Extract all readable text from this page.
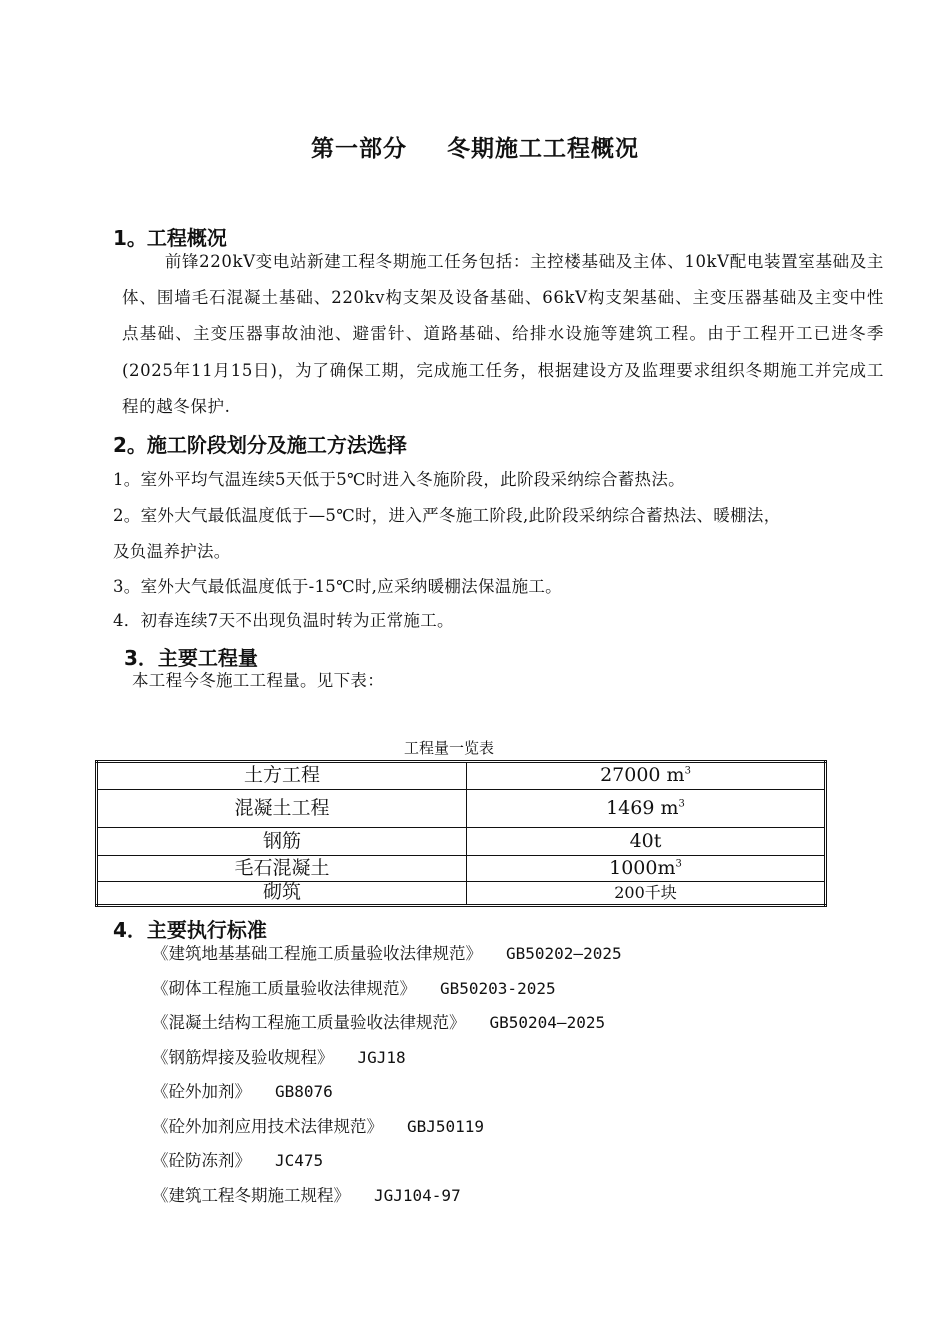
第一部分 冬期施工工程概况
1。工程概况
前锋220kV变电站新建工程冬期施工任务包括：主控楼基础及主体、10kV配电装置室基础及主体、围墙毛石混凝土基础、220kv构支架及设备基础、66kV构支架基础、主变压器基础及主变中性点基础、主变压器事故油池、避雷针、道路基础、给排水设施等建筑工程。由于工程开工已进冬季(2025年11月15日)，为了确保工期，完成施工任务，根据建设方及监理要求组织冬期施工并完成工程的越冬保护.
2。施工阶段划分及施工方法选择
1。室外平均气温连续5天低于5℃时进入冬施阶段，此阶段采纳综合蓄热法。
2。室外大气最低温度低于—5℃时，进入严冬施工阶段,此阶段采纳综合蓄热法、暖棚法，
及负温养护法。
3。室外大气最低温度低于-15℃时,应采纳暖棚法保温施工。
4．初春连续7天不出现负温时转为正常施工。
3．主要工程量
本工程今冬施工工程量。见下表：
工程量一览表
土方工程	27000 $m^3$
混凝土工程	1469 $m^3$
钢筋	40t
毛石混凝土	$1000m^3$
砌筑	200千块
4．主要执行标准
《建筑地基基础工程施工质量验收法律规范》 GB50202—2025
《砌体工程施工质量验收法律规范》 GB50203-2025
《混凝土结构工程施工质量验收法律规范》 GB50204—2025
《钢筋焊接及验收规程》 JGJ18
《砼外加剂》 GB8076
《砼外加剂应用技术法律规范》 GBJ50119
《砼防冻剂》 JC475
《建筑工程冬期施工规程》 JGJ104-97
